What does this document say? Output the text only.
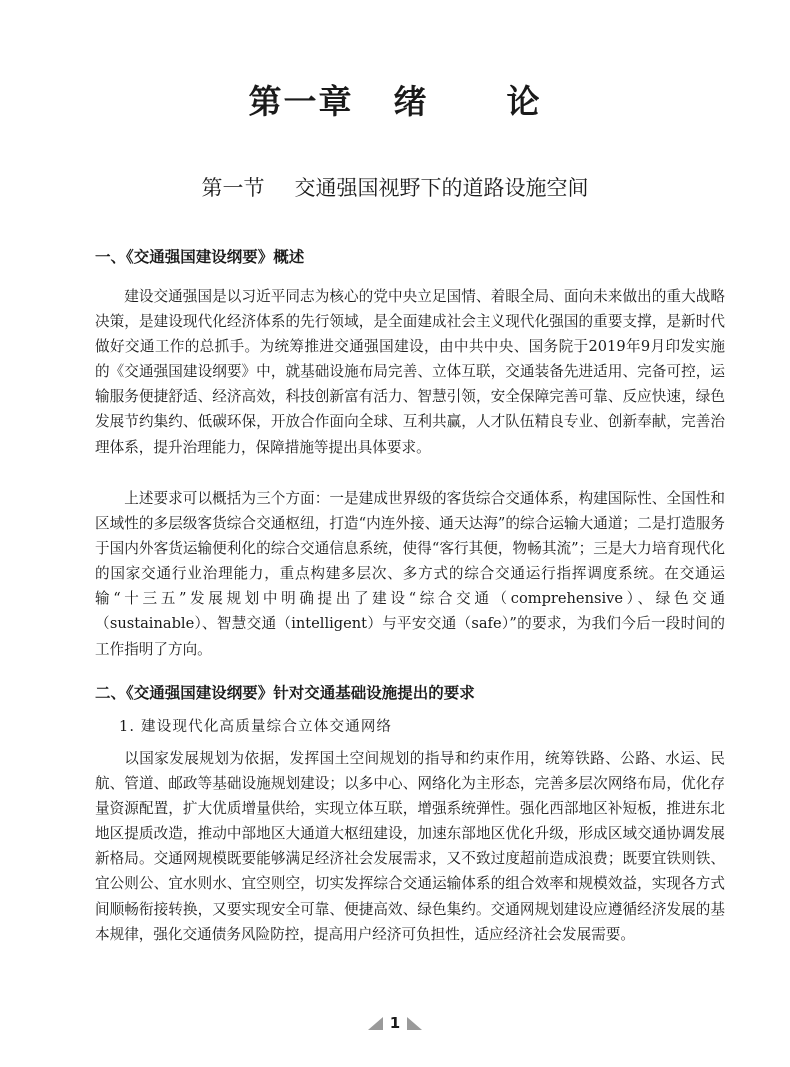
第一章 绪 论
第一节 交通强国视野下的道路设施空间
一、《交通强国建设纲要》概述

建设交通强国是以习近平同志为核心的党中央立足国情、着眼全局、面向未来做出的重大战略决策，是建设现代化经济体系的先行领域，是全面建成社会主义现代化强国的重要支撑，是新时代做好交通工作的总抓手。为统筹推进交通强国建设，由中共中央、国务院于2019年9月印发实施的《交通强国建设纲要》中，就基础设施布局完善、立体互联，交通装备先进适用、完备可控，运输服务便捷舒适、经济高效，科技创新富有活力、智慧引领，安全保障完善可靠、反应快速，绿色发展节约集约、低碳环保，开放合作面向全球、互利共赢，人才队伍精良专业、创新奉献，完善治理体系，提升治理能力，保障措施等提出具体要求。

上述要求可以概括为三个方面：一是建成世界级的客货综合交通体系，构建国际性、全国性和区域性的多层级客货综合交通枢纽，打造“内连外接、通天达海”的综合运输大通道；二是打造服务于国内外客货运输便利化的综合交通信息系统，使得“客行其便，物畅其流”；三是大力培育现代化的国家交通行业治理能力，重点构建多层次、多方式的综合交通运行指挥调度系统。在交通运输“十三五”发展规划中明确提出了建设“综合交通（comprehensive）、绿色交通（sustainable）、智慧交通（intelligent）与平安交通（safe）”的要求，为我们今后一段时间的工作指明了方向。

二、《交通强国建设纲要》针对交通基础设施提出的要求
1. 建设现代化高质量综合立体交通网络

以国家发展规划为依据，发挥国土空间规划的指导和约束作用，统筹铁路、公路、水运、民航、管道、邮政等基础设施规划建设；以多中心、网络化为主形态，完善多层次网络布局，优化存量资源配置，扩大优质增量供给，实现立体互联，增强系统弹性。强化西部地区补短板，推进东北地区提质改造，推动中部地区大通道大枢纽建设，加速东部地区优化升级，形成区域交通协调发展新格局。交通网规模既要能够满足经济社会发展需求，又不致过度超前造成浪费；既要宜铁则铁、宜公则公、宜水则水、宜空则空，切实发挥综合交通运输体系的组合效率和规模效益，实现各方式间顺畅衔接转换，又要实现安全可靠、便捷高效、绿色集约。交通网规划建设应遵循经济发展的基本规律，强化交通债务风险防控，提高用户经济可负担性，适应经济社会发展需要。

1
